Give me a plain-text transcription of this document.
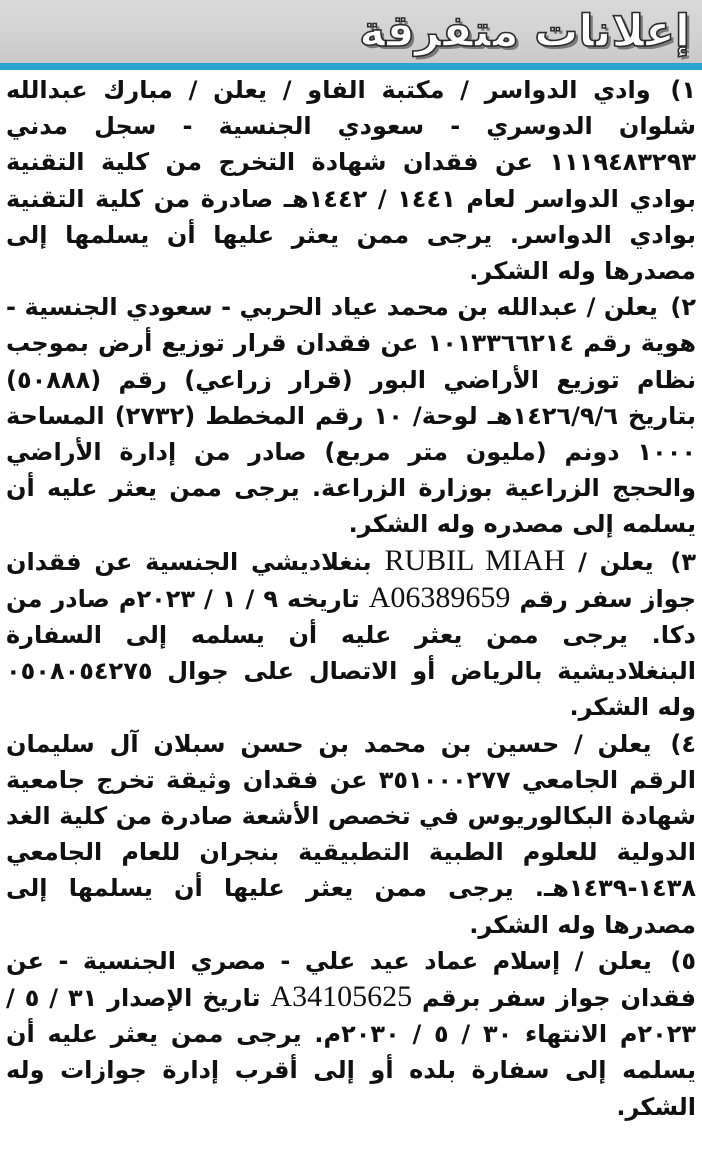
إعلانات متفرقة

١) وادي الدواسر / مكتبة الفاو / يعلن / مبارك عبدالله شلوان الدوسري - سعودي الجنسية - سجل مدني ١١١٩٤٨٣٢٩٣ عن فقدان شهادة التخرج من كلية التقنية بوادي الدواسر لعام ١٤٤١ / ١٤٤٢هـ صادرة من كلية التقنية بوادي الدواسر. يرجى ممن يعثر عليها أن يسلمها إلى مصدرها وله الشكر.

٢) يعلن / عبدالله بن محمد عياد الحربي - سعودي الجنسية - هوية رقم ١٠١٣٣٦٦٢١٤ عن فقدان قرار توزيع أرض بموجب نظام توزيع الأراضي البور (قرار زراعي) رقم (٥٠٨٨٨) بتاريخ ١٤٢٦/٩/٦هـ لوحة/ ١٠ رقم المخطط (٢٧٣٢) المساحة ١٠٠٠ دونم (مليون متر مربع) صادر من إدارة الأراضي والحجج الزراعية بوزارة الزراعة. يرجى ممن يعثر عليه أن يسلمه إلى مصدره وله الشكر.

٣) يعلن / RUBIL MIAH بنغلاديشي الجنسية عن فقدان جواز سفر رقم A06389659 تاريخه ٩ / ١ / ٢٠٢٣م صادر من دكا. يرجى ممن يعثر عليه أن يسلمه إلى السفارة البنغلاديشية بالرياض أو الاتصال على جوال ٠٥٠٨٠٥٤٢٧٥ وله الشكر.

٤) يعلن / حسين بن محمد بن حسن سبلان آل سليمان الرقم الجامعي ٣٥١٠٠٠٢٧٧ عن فقدان وثيقة تخرج جامعية شهادة البكالوريوس في تخصص الأشعة صادرة من كلية الغد الدولية للعلوم الطبية التطبيقية بنجران للعام الجامعي ١٤٣٨-١٤٣٩هـ. يرجى ممن يعثر عليها أن يسلمها إلى مصدرها وله الشكر.

٥) يعلن / إسلام عماد عيد علي - مصري الجنسية - عن فقدان جواز سفر برقم A34105625 تاريخ الإصدار ٣١ / ٥ / ٢٠٢٣م الانتهاء ٣٠ / ٥ / ٢٠٣٠م. يرجى ممن يعثر عليه أن يسلمه إلى سفارة بلده أو إلى أقرب إدارة جوازات وله الشكر.
